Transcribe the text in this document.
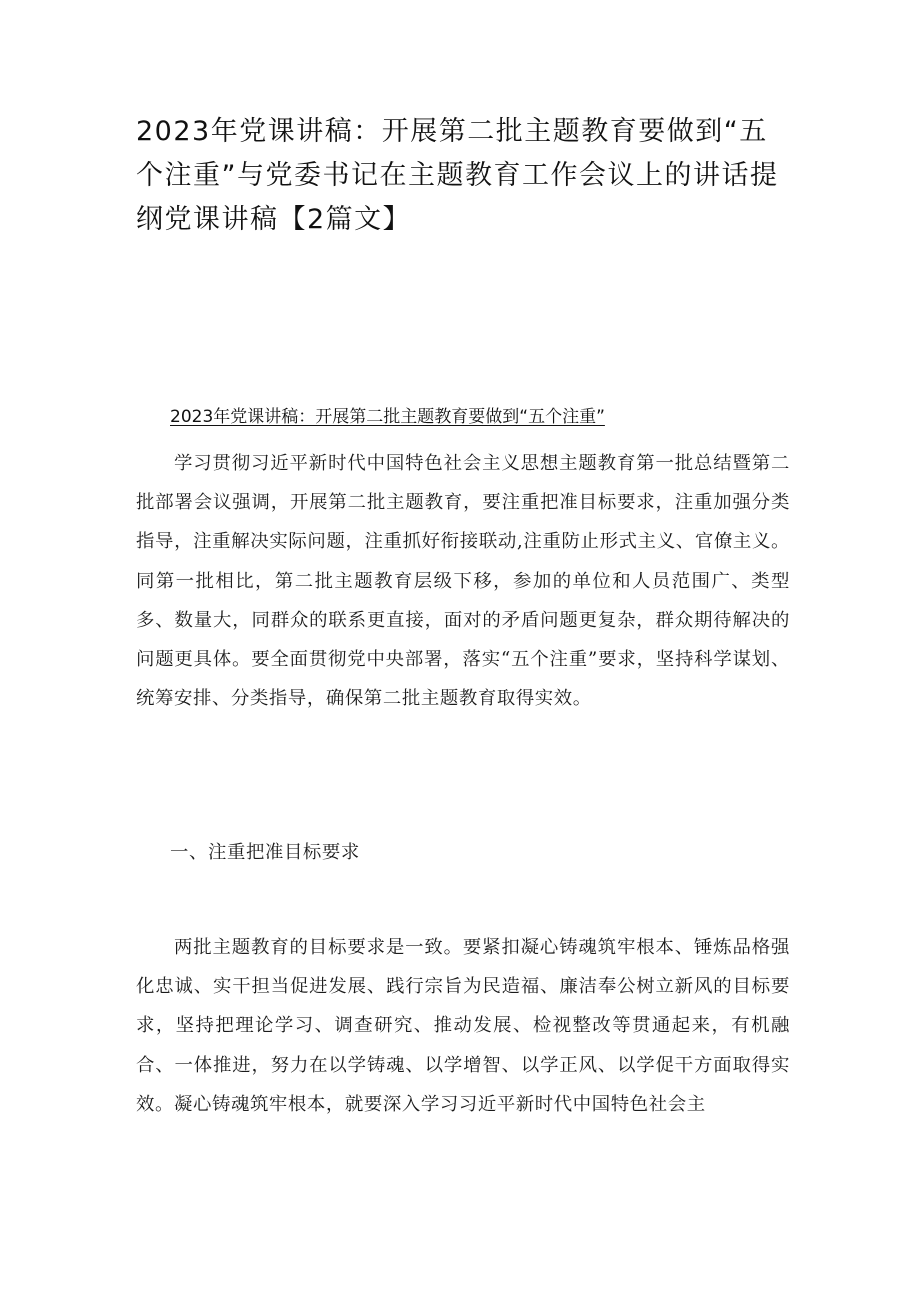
2023年党课讲稿：开展第二批主题教育要做到“五个注重”与党委书记在主题教育工作会议上的讲话提纲党课讲稿【2篇文】

2023年党课讲稿：开展第二批主题教育要做到“五个注重”

学习贯彻习近平新时代中国特色社会主义思想主题教育第一批总结暨第二批部署会议强调，开展第二批主题教育，要注重把准目标要求，注重加强分类指导，注重解决实际问题，注重抓好衔接联动,注重防止形式主义、官僚主义。同第一批相比，第二批主题教育层级下移，参加的单位和人员范围广、类型多、数量大，同群众的联系更直接，面对的矛盾问题更复杂，群众期待解决的问题更具体。要全面贯彻党中央部署，落实“五个注重”要求，坚持科学谋划、统筹安排、分类指导，确保第二批主题教育取得实效。

一、注重把准目标要求

两批主题教育的目标要求是一致。要紧扣凝心铸魂筑牢根本、锤炼品格强化忠诚、实干担当促进发展、践行宗旨为民造福、廉洁奉公树立新风的目标要求，坚持把理论学习、调查研究、推动发展、检视整改等贯通起来，有机融合、一体推进，努力在以学铸魂、以学增智、以学正风、以学促干方面取得实效。凝心铸魂筑牢根本，就要深入学习习近平新时代中国特色社会主
